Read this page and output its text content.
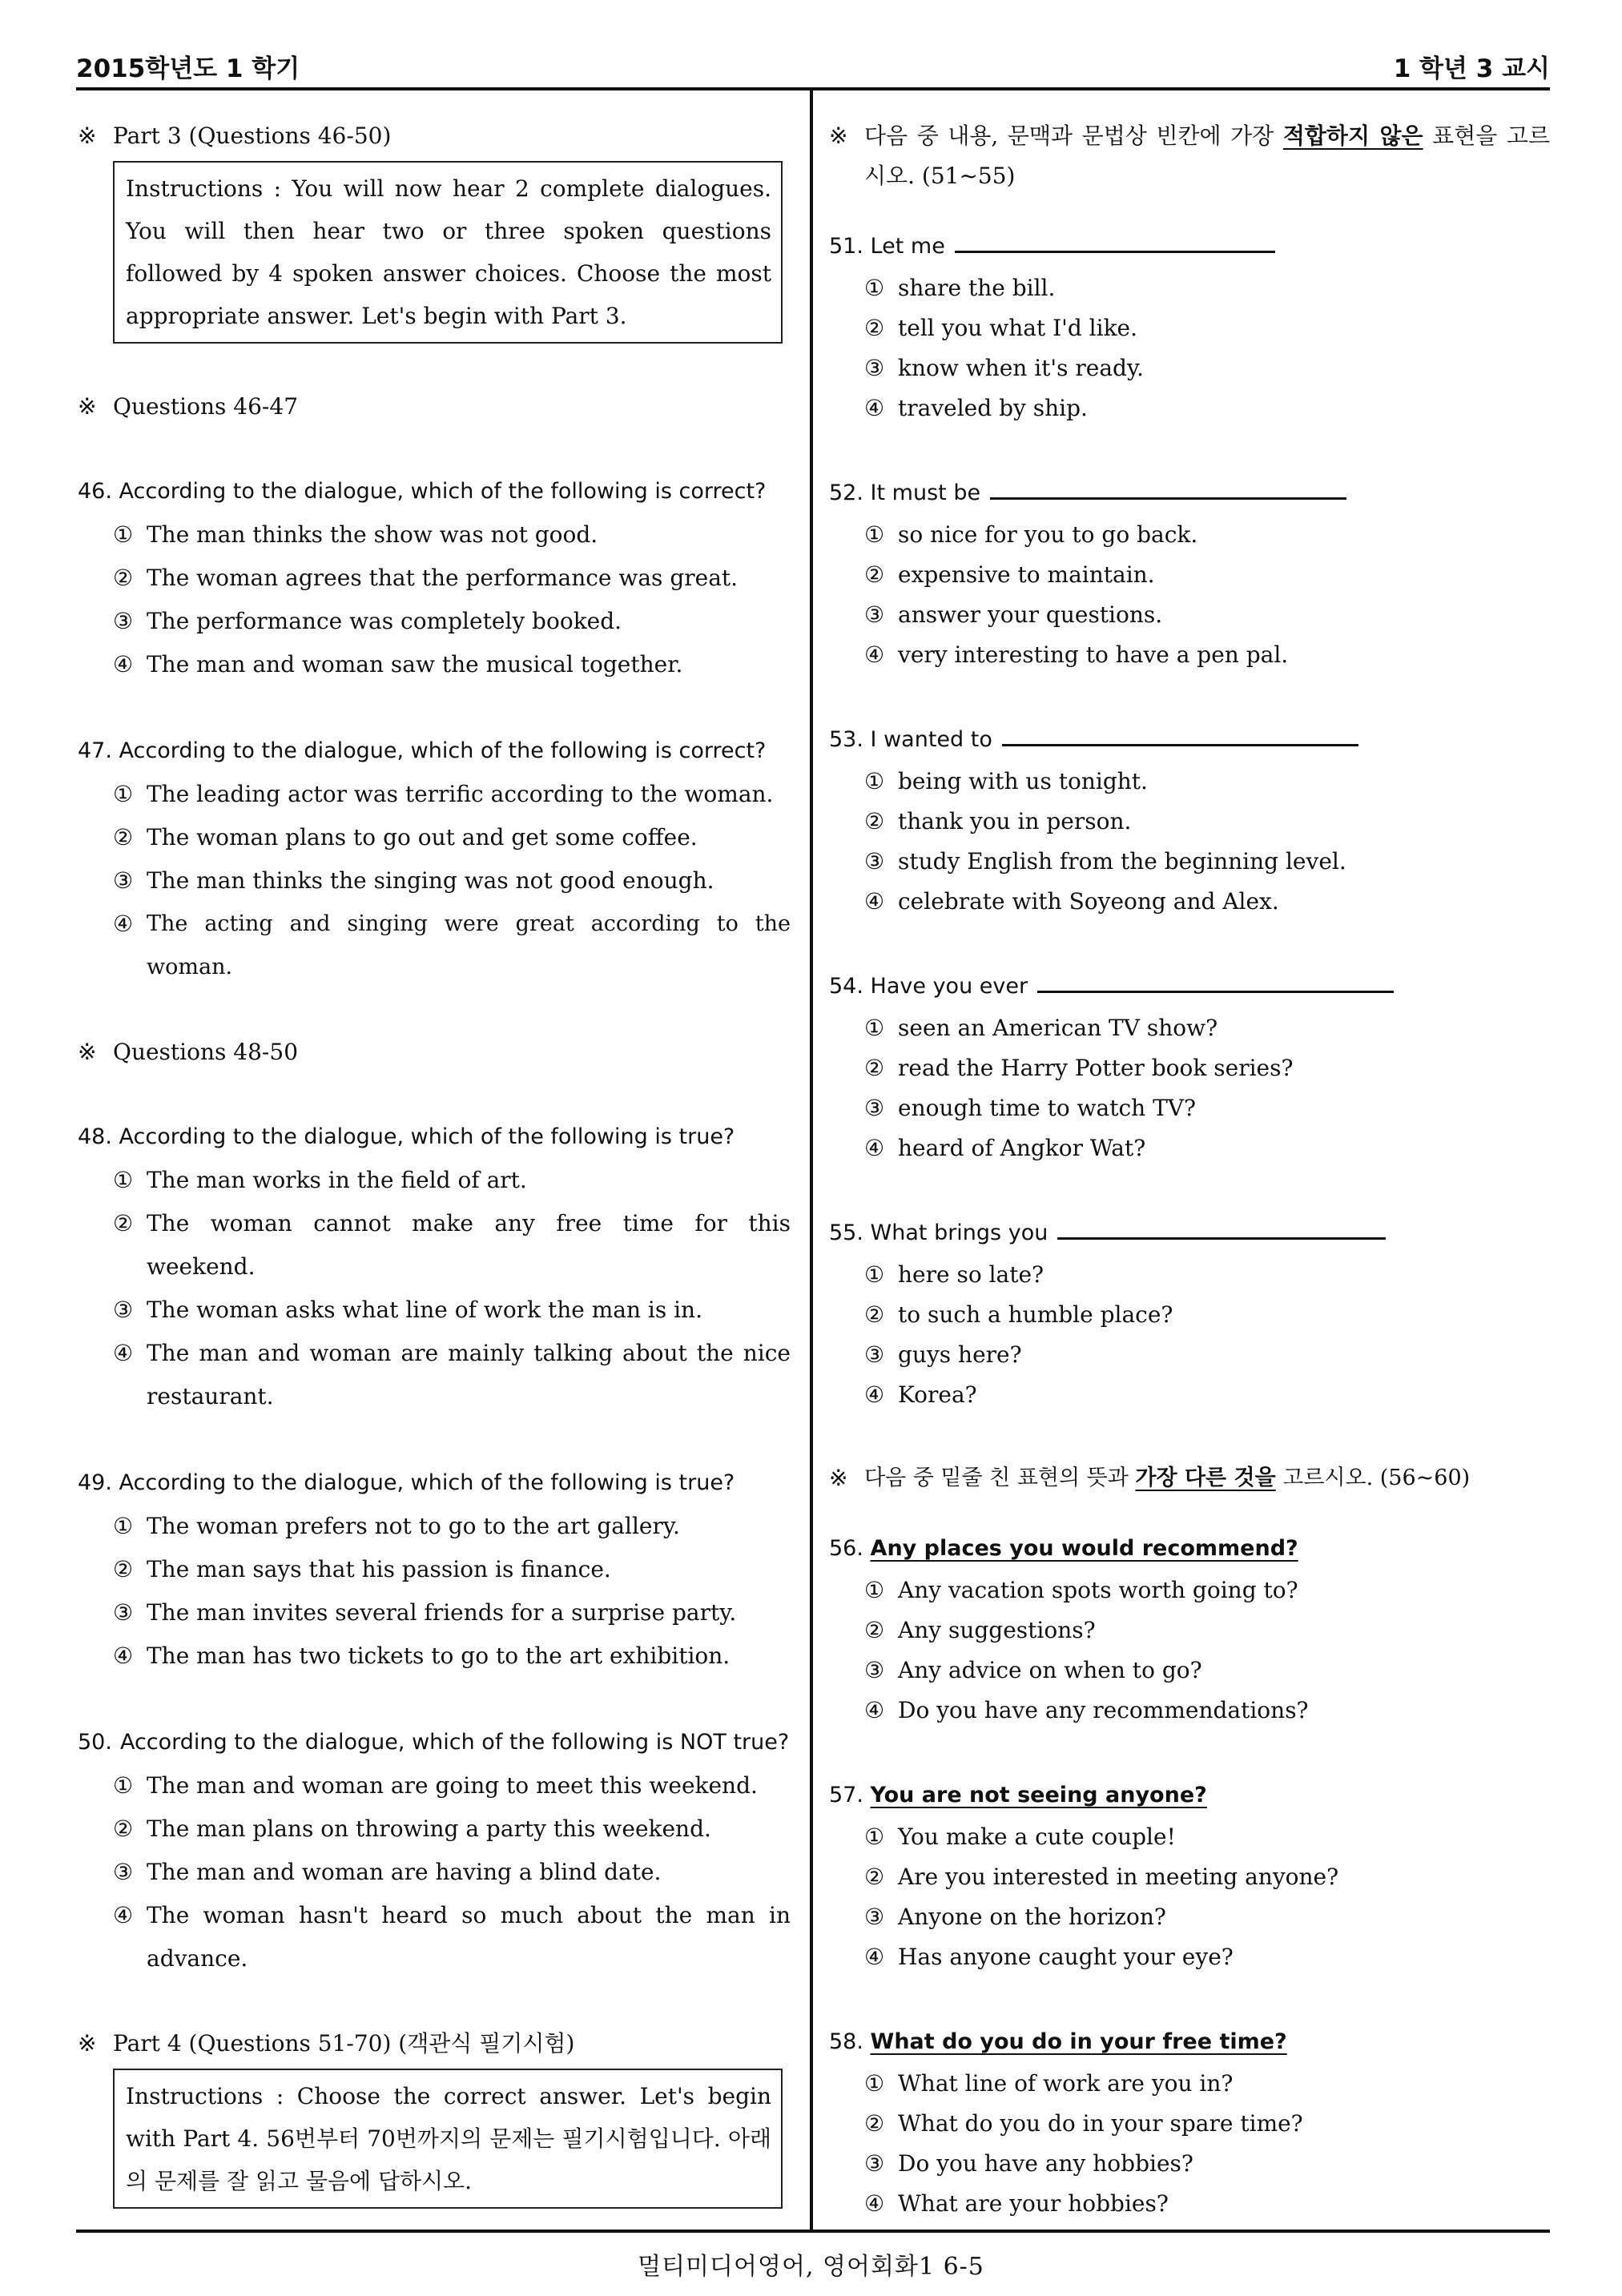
2015학년도 1 학기	1 학년 3 교시
※ Part 3 (Questions 46-50)
Instructions : You will now hear 2 complete dialogues. You will then hear two or three spoken questions followed by 4 spoken answer choices. Choose the most appropriate answer. Let's begin with Part 3.
※ Questions 46-47
46. According to the dialogue, which of the following is correct?
① The man thinks the show was not good.
② The woman agrees that the performance was great.
③ The performance was completely booked.
④ The man and woman saw the musical together.
47. According to the dialogue, which of the following is correct?
① The leading actor was terrific according to the woman.
② The woman plans to go out and get some coffee.
③ The man thinks the singing was not good enough.
④ The acting and singing were great according to the woman.
※ Questions 48-50
48. According to the dialogue, which of the following is true?
① The man works in the field of art.
② The woman cannot make any free time for this weekend.
③ The woman asks what line of work the man is in.
④ The man and woman are mainly talking about the nice restaurant.
49. According to the dialogue, which of the following is true?
① The woman prefers not to go to the art gallery.
② The man says that his passion is finance.
③ The man invites several friends for a surprise party.
④ The man has two tickets to go to the art exhibition.
50. According to the dialogue, which of the following is NOT true?
① The man and woman are going to meet this weekend.
② The man plans on throwing a party this weekend.
③ The man and woman are having a blind date.
④ The woman hasn't heard so much about the man in advance.
※ Part 4 (Questions 51-70) (객관식 필기시험)
Instructions : Choose the correct answer. Let's begin with Part 4. 56번부터 70번까지의 문제는 필기시험입니다. 아래의 문제를 잘 읽고 물음에 답하시오.
※ 다음 중 내용, 문맥과 문법상 빈칸에 가장 적합하지 않은 표현을 고르시오. (51~55)
51. Let me
① share the bill.
② tell you what I'd like.
③ know when it's ready.
④ traveled by ship.
52. It must be
① so nice for you to go back.
② expensive to maintain.
③ answer your questions.
④ very interesting to have a pen pal.
53. I wanted to
① being with us tonight.
② thank you in person.
③ study English from the beginning level.
④ celebrate with Soyeong and Alex.
54. Have you ever
① seen an American TV show?
② read the Harry Potter book series?
③ enough time to watch TV?
④ heard of Angkor Wat?
55. What brings you
① here so late?
② to such a humble place?
③ guys here?
④ Korea?
※ 다음 중 밑줄 친 표현의 뜻과 가장 다른 것을 고르시오. (56~60)
56. Any places you would recommend?
① Any vacation spots worth going to?
② Any suggestions?
③ Any advice on when to go?
④ Do you have any recommendations?
57. You are not seeing anyone?
① You make a cute couple!
② Are you interested in meeting anyone?
③ Anyone on the horizon?
④ Has anyone caught your eye?
58. What do you do in your free time?
① What line of work are you in?
② What do you do in your spare time?
③ Do you have any hobbies?
④ What are your hobbies?
멀티미디어영어, 영어회화1 6-5
